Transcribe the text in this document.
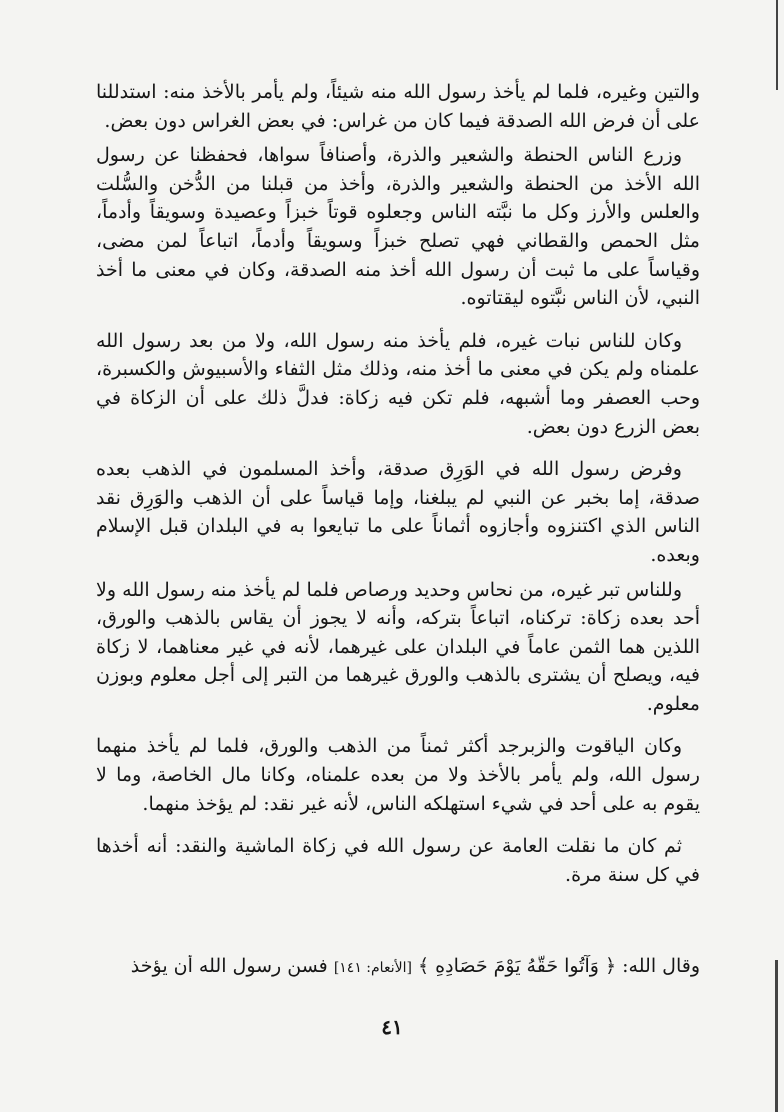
والتين وغيره، فلما لم يأخذ رسول الله منه شيئاً، ولم يأمر بالأخذ منه: استدللنا على أن فرض الله الصدقة فيما كان من غراس: في بعض الغراس دون بعض.

وزرع الناس الحنطة والشعير والذرة، وأصنافاً سواها، فحفظنا عن رسول الله الأخذ من الحنطة والشعير والذرة، وأخذ من قبلنا من الدُّخن والسُّلت والعلس والأرز وكل ما نبَّته الناس وجعلوه قوتاً خبزاً وعصيدة وسويقاً وأدماً، مثل الحمص والقطاني فهي تصلح خبزاً وسويقاً وأدماً، اتباعاً لمن مضى، وقياساً على ما ثبت أن رسول الله أخذ منه الصدقة، وكان في معنى ما أخذ النبي، لأن الناس نبَّتوه ليقتاتوه.

وكان للناس نبات غيره، فلم يأخذ منه رسول الله، ولا من بعد رسول الله علمناه ولم يكن في معنى ما أخذ منه، وذلك مثل الثفاء والأسبيوش والكسبرة، وحب العصفر وما أشبهه، فلم تكن فيه زكاة: فدلَّ ذلك على أن الزكاة في بعض الزرع دون بعض.

وفرض رسول الله في الوَرِق صدقة، وأخذ المسلمون في الذهب بعده صدقة، إما بخبر عن النبي لم يبلغنا، وإما قياساً على أن الذهب والوَرِق نقد الناس الذي اكتنزوه وأجازوه أثماناً على ما تبايعوا به في البلدان قبل الإسلام وبعده.

وللناس تبر غيره، من نحاس وحديد ورصاص فلما لم يأخذ منه رسول الله ولا أحد بعده زكاة: تركناه، اتباعاً بتركه، وأنه لا يجوز أن يقاس بالذهب والورق، اللذين هما الثمن عاماً في البلدان على غيرهما، لأنه في غير معناهما، لا زكاة فيه، ويصلح أن يشترى بالذهب والورق غيرهما من التبر إلى أجل معلوم وبوزن معلوم.

وكان الياقوت والزبرجد أكثر ثمناً من الذهب والورق، فلما لم يأخذ منهما رسول الله، ولم يأمر بالأخذ ولا من بعده علمناه، وكانا مال الخاصة، وما لا يقوم به على أحد في شيء استهلكه الناس، لأنه غير نقد: لم يؤخذ منهما.

ثم كان ما نقلت العامة عن رسول الله في زكاة الماشية والنقد: أنه أخذها في كل سنة مرة.

وقال الله: ﴿ وَآتُوا حَقَّهُ يَوْمَ حَصَادِهِ ﴾ [الأنعام: ١٤١] فسن رسول الله أن يؤخذ
٤١
